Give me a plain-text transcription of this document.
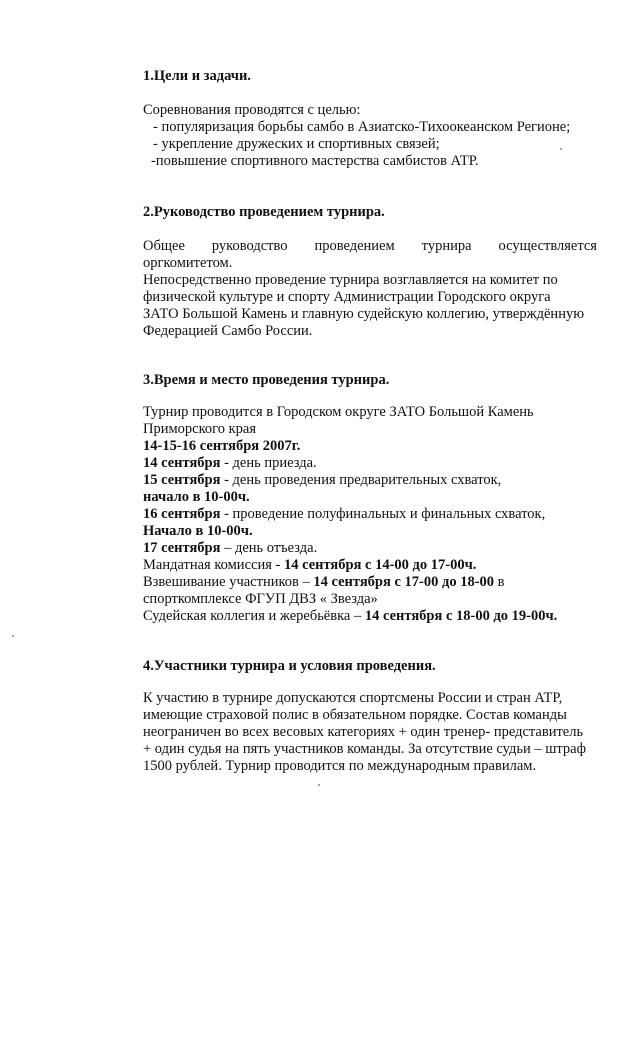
1.Цели и задачи.
Соревнования проводятся с целью:
- популяризация борьбы самбо в Азиатско-Тихоокеанском Регионе;
- укрепление дружеских и спортивных связей;
-повышение спортивного мастерства самбистов АТР.
2.Руководство проведением турнира.
Общее руководство проведением турнира осуществляется
оргкомитетом.
Непосредственно проведение турнира возглавляется на комитет по
физической культуре и спорту Администрации Городского округа
ЗАТО Большой Камень и главную судейскую коллегию, утверждённую
Федерацией Самбо России.
3.Время и место проведения турнира.
Турнир проводится в Городском округе ЗАТО Большой Камень
Приморского края
14-15-16 сентября 2007г.
14 сентября - день приезда.
15 сентября - день проведения предварительных схваток,
начало в 10-00ч.
16 сентября - проведение полуфинальных и финальных схваток,
Начало в 10-00ч.
17 сентября – день отъезда.
Мандатная комиссия - 14 сентября с 14-00 до 17-00ч.
Взвешивание участников – 14 сентября с 17-00 до 18-00 в
спорткомплексе ФГУП ДВЗ « Звезда»
Судейская коллегия и жеребьёвка – 14 сентября с 18-00 до 19-00ч.
4.Участники турнира и условия проведения.
К участию в турнире допускаются спортсмены России и стран АТР,
имеющие страховой полис в обязательном порядке. Состав команды
неограничен во всех весовых категориях + один тренер- представитель
+ один судья на пять участников команды. За отсутствие судьи – штраф
1500 рублей. Турнир проводится по международным правилам.
